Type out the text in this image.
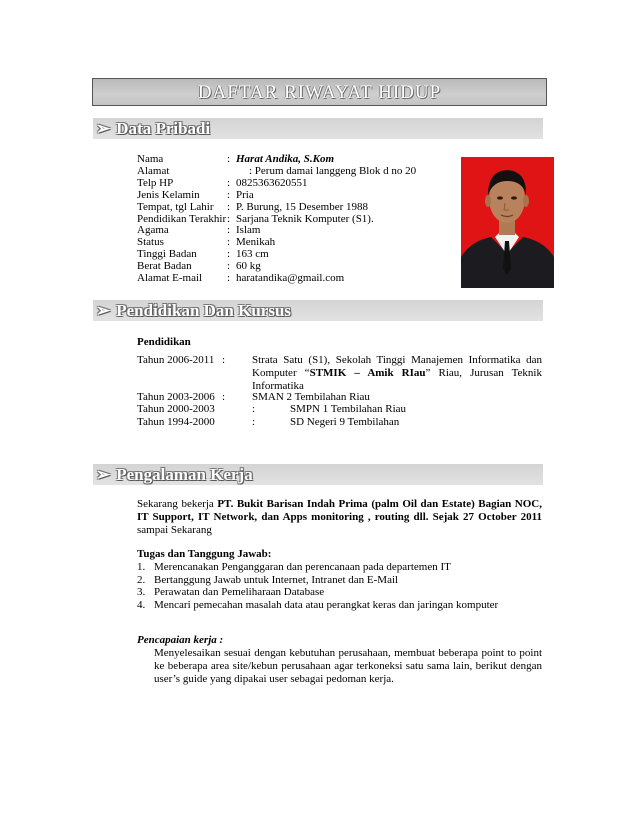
DAFTAR RIWAYAT HIDUP
➢ Data Pribadi
Nama	: Harat Andika, S.Kom
Alamat	: Perum damai langgeng Blok d no 20
Telp HP	: 0825363620551
Jenis Kelamin : Pria
Tempat, tgl Lahir : P. Burung, 15 Desember 1988
Pendidikan Terakhir : Sarjana Teknik Komputer (S1).
Agama	: Islam
Status	: Menikah
Tinggi Badan	: 163 cm
Berat Badan	: 60 kg
Alamat E-mail : haratandika@gmail.com
➢ Pendidikan Dan Kursus
Pendidikan
Tahun 2006-2011 : Strata Satu (S1), Sekolah Tinggi Manajemen Informatika dan Komputer “STMIK – Amik RIau” Riau, Jurusan Teknik Informatika
Tahun 2003-2006 : SMAN 2 Tembilahan Riau
Tahun 2000-2003	:	SMPN 1 Tembilahan Riau
Tahun 1994-2000	:	SD Negeri 9 Tembilahan
➢ Pengalaman Kerja
Sekarang bekerja PT. Bukit Barisan Indah Prima (palm Oil dan Estate) Bagian NOC, IT Support, IT Network, dan Apps monitoring , routing dll. Sejak 27 October 2011 sampai Sekarang
Tugas dan Tanggung Jawab:
1. Merencanakan Penganggaran dan perencanaan pada departemen IT
2. Bertanggung Jawab untuk Internet, Intranet dan E-Mail
3. Perawatan dan Pemeliharaan Database
4. Mencari pemecahan masalah data atau perangkat keras dan jaringan komputer
Pencapaian kerja :
Menyelesaikan sesuai dengan kebutuhan perusahaan, membuat beberapa point to point ke beberapa area site/kebun perusahaan agar terkoneksi satu sama lain, berikut dengan user’s guide yang dipakai user sebagai pedoman kerja.
